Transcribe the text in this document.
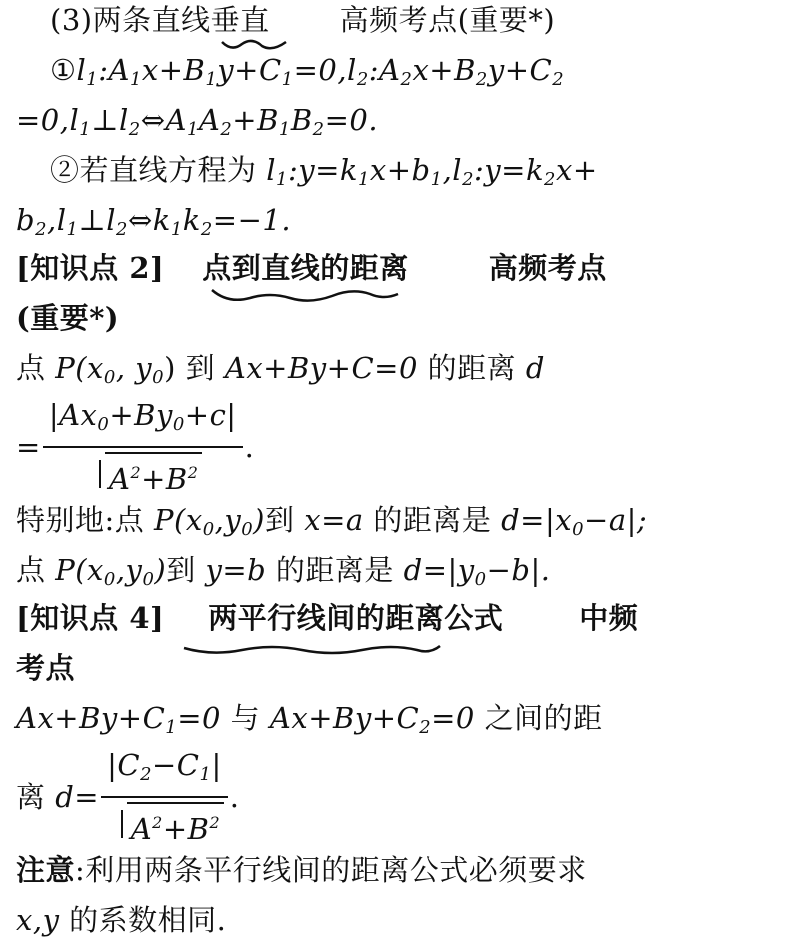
(3)两条直线垂直 高频考点(重要*)
$①l_1:A_1x+B_1y+C_1=0,l_2:A_2x+B_2y+C_2$
$=0,l_1\perp l_2\Leftrightarrow A_1A_2+B_1B_2=0$.
②若直线方程为 $l_1:y=k_1x+b_1,l_2:y=k_2x+$
$b_2,l_1\perp l_2\Leftrightarrow k_1k_2=-1$.
[知识点 2] 点到直线的距离	高频考点
(重要*)
点 $P(x_0$, $y_0$) 到 Ax+By+C=0 的距离 d
= $\frac{|Ax_0+By_0+c|}{A^2+B^2}$ .
特别地:点 $P(x_0,y_0)$到 x=a 的距离是 $d=|x_0-a|$;
点 $P(x_0,y_0)$到 y=b 的距离是 $d=|y_0-b|$.
[知识点 4] 两平行线间的距离公式	中频
考点
$Ax+By+C_1=0$ 与 $Ax+By+C_2=0$ 之间的距
离 $d= \frac{|C_2-C_1|}{A^2+B^2}$ .
注意:利用两条平行线间的距离公式必须要求
x,y 的系数相同.
